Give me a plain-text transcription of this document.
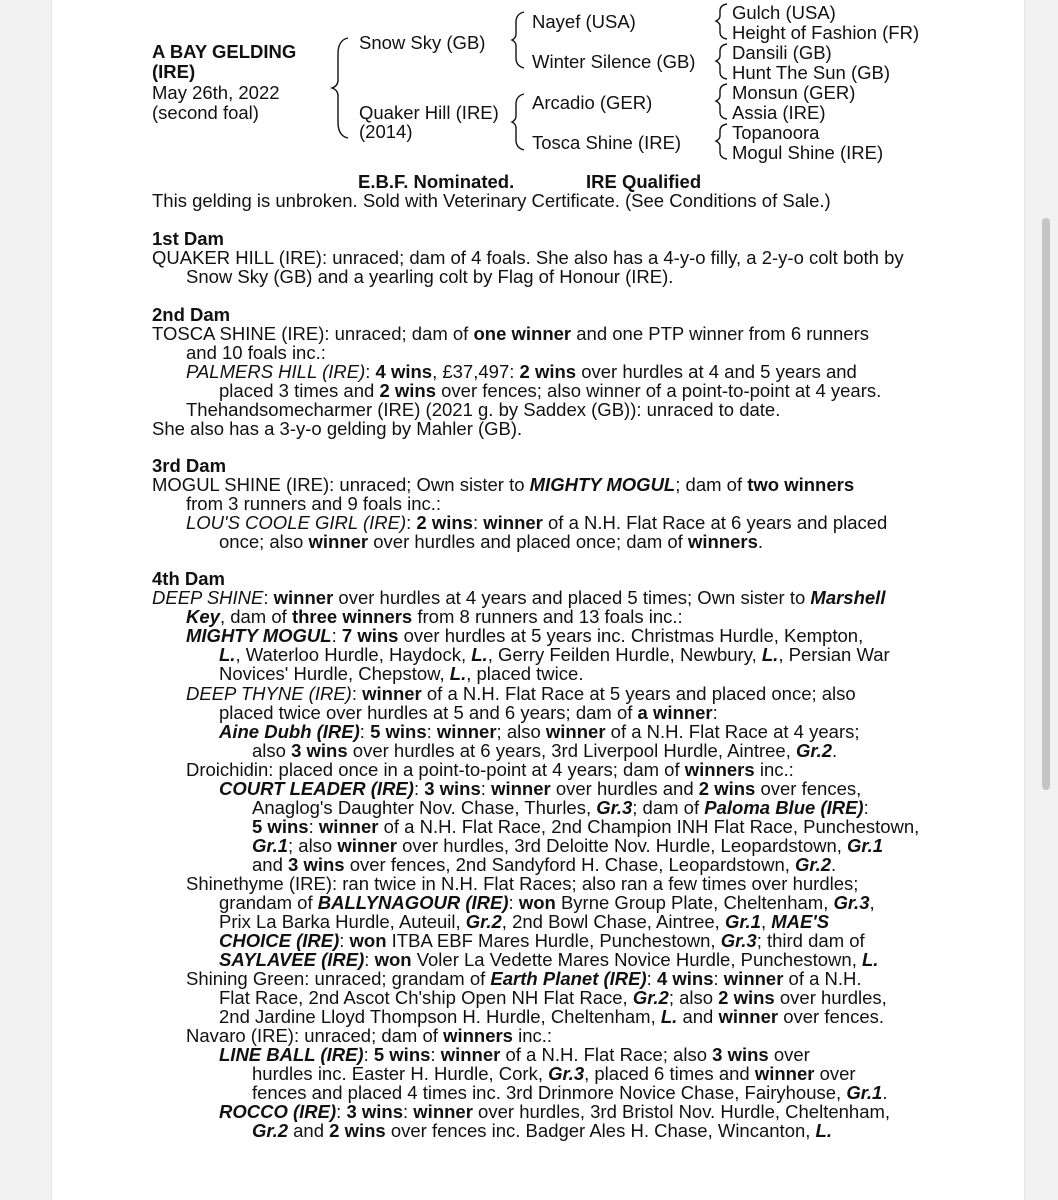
A BAY GELDING
(IRE)
May 26th, 2022
(second foal)
Snow Sky (GB)
Quaker Hill (IRE)
(2014)
Nayef (USA)
Winter Silence (GB)
Arcadio (GER)
Tosca Shine (IRE)
Gulch (USA)
Height of Fashion (FR)
Dansili (GB)
Hunt The Sun (GB)
Monsun (GER)
Assia (IRE)
Topanoora
Mogul Shine (IRE)
E.B.F. Nominated.	IRE Qualified
This gelding is unbroken. Sold with Veterinary Certificate. (See Conditions of Sale.)
1st Dam
QUAKER HILL (IRE): unraced; dam of 4 foals. She also has a 4-y-o filly, a 2-y-o colt both by
Snow Sky (GB) and a yearling colt by Flag of Honour (IRE).
2nd Dam
TOSCA SHINE (IRE): unraced; dam of one winner and one PTP winner from 6 runners
and 10 foals inc.:
PALMERS HILL (IRE): 4 wins, £37,497: 2 wins over hurdles at 4 and 5 years and
placed 3 times and 2 wins over fences; also winner of a point-to-point at 4 years.
Thehandsomecharmer (IRE) (2021 g. by Saddex (GB)): unraced to date.
She also has a 3-y-o gelding by Mahler (GB).
3rd Dam
MOGUL SHINE (IRE): unraced; Own sister to MIGHTY MOGUL; dam of two winners
from 3 runners and 9 foals inc.:
LOU'S COOLE GIRL (IRE): 2 wins: winner of a N.H. Flat Race at 6 years and placed
once; also winner over hurdles and placed once; dam of winners.
4th Dam
DEEP SHINE: winner over hurdles at 4 years and placed 5 times; Own sister to Marshell
Key, dam of three winners from 8 runners and 13 foals inc.:
MIGHTY MOGUL: 7 wins over hurdles at 5 years inc. Christmas Hurdle, Kempton,
L., Waterloo Hurdle, Haydock, L., Gerry Feilden Hurdle, Newbury, L., Persian War
Novices' Hurdle, Chepstow, L., placed twice.
DEEP THYNE (IRE): winner of a N.H. Flat Race at 5 years and placed once; also
placed twice over hurdles at 5 and 6 years; dam of a winner:
Aine Dubh (IRE): 5 wins: winner; also winner of a N.H. Flat Race at 4 years;
also 3 wins over hurdles at 6 years, 3rd Liverpool Hurdle, Aintree, Gr.2.
Droichidin: placed once in a point-to-point at 4 years; dam of winners inc.:
COURT LEADER (IRE): 3 wins: winner over hurdles and 2 wins over fences,
Anaglog's Daughter Nov. Chase, Thurles, Gr.3; dam of Paloma Blue (IRE):
5 wins: winner of a N.H. Flat Race, 2nd Champion INH Flat Race, Punchestown,
Gr.1; also winner over hurdles, 3rd Deloitte Nov. Hurdle, Leopardstown, Gr.1
and 3 wins over fences, 2nd Sandyford H. Chase, Leopardstown, Gr.2.
Shinethyme (IRE): ran twice in N.H. Flat Races; also ran a few times over hurdles;
grandam of BALLYNAGOUR (IRE): won Byrne Group Plate, Cheltenham, Gr.3,
Prix La Barka Hurdle, Auteuil, Gr.2, 2nd Bowl Chase, Aintree, Gr.1, MAE'S
CHOICE (IRE): won ITBA EBF Mares Hurdle, Punchestown, Gr.3; third dam of
SAYLAVEE (IRE): won Voler La Vedette Mares Novice Hurdle, Punchestown, L.
Shining Green: unraced; grandam of Earth Planet (IRE): 4 wins: winner of a N.H.
Flat Race, 2nd Ascot Ch'ship Open NH Flat Race, Gr.2; also 2 wins over hurdles,
2nd Jardine Lloyd Thompson H. Hurdle, Cheltenham, L. and winner over fences.
Navaro (IRE): unraced; dam of winners inc.:
LINE BALL (IRE): 5 wins: winner of a N.H. Flat Race; also 3 wins over
hurdles inc. Easter H. Hurdle, Cork, Gr.3, placed 6 times and winner over
fences and placed 4 times inc. 3rd Drinmore Novice Chase, Fairyhouse, Gr.1.
ROCCO (IRE): 3 wins: winner over hurdles, 3rd Bristol Nov. Hurdle, Cheltenham,
Gr.2 and 2 wins over fences inc. Badger Ales H. Chase, Wincanton, L.
